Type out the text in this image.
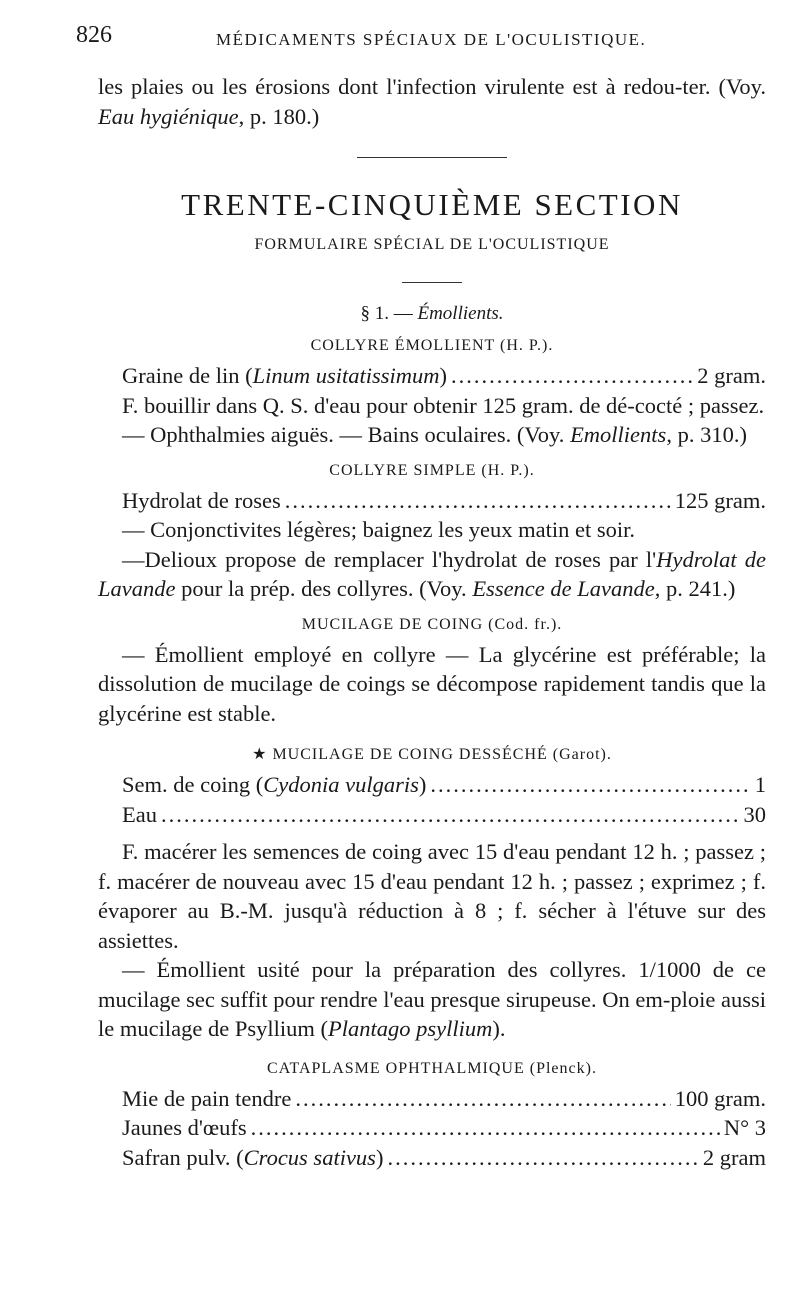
826	MÉDICAMENTS SPÉCIAUX DE L'OCULISTIQUE.

les plaies ou les érosions dont l'infection virulente est à redou-ter. (Voy. Eau hygiénique, p. 180.)

TRENTE-CINQUIÈME SECTION
FORMULAIRE SPÉCIAL DE L'OCULISTIQUE
§ 1. — Émollients.
COLLYRE ÉMOLLIENT (H. P.).
Graine de lin (Linum usitatissimum) .....	2 gram.

F. bouillir dans Q. S. d'eau pour obtenir 125 gram. de dé-cocté ; passez.

— Ophthalmies aiguës. — Bains oculaires. (Voy. Emollients, p. 310.)

COLLYRE SIMPLE (H. P.).
Hydrolat de roses .....	125 gram.

— Conjonctivites légères; baignez les yeux matin et soir.

—Delioux propose de remplacer l'hydrolat de roses par l'Hydrolat de Lavande pour la prép. des collyres. (Voy. Essence de Lavande, p. 241.)

MUCILAGE DE COING (Cod. fr.).

— Émollient employé en collyre — La glycérine est préférable; la dissolution de mucilage de coings se décompose rapidement tandis que la glycérine est stable.

★ MUCILAGE DE COING DESSÉCHÉ (Garot).
Sem. de coing (Cydonia vulgaris) .....	1
Eau .....	30

F. macérer les semences de coing avec 15 d'eau pendant 12 h. ; passez ; f. macérer de nouveau avec 15 d'eau pendant 12 h. ; passez ; exprimez ; f. évaporer au B.-M. jusqu'à réduction à 8 ; f. sécher à l'étuve sur des assiettes.

— Émollient usité pour la préparation des collyres. 1/1000 de ce mucilage sec suffit pour rendre l'eau presque sirupeuse. On em-ploie aussi le mucilage de Psyllium (Plantago psyllium).

CATAPLASME OPHTHALMIQUE (Plenck).
Mie de pain tendre .....	100 gram.
Jaunes d'œufs .....	N° 3
Safran pulv. (Crocus sativus) .....	2 gram
